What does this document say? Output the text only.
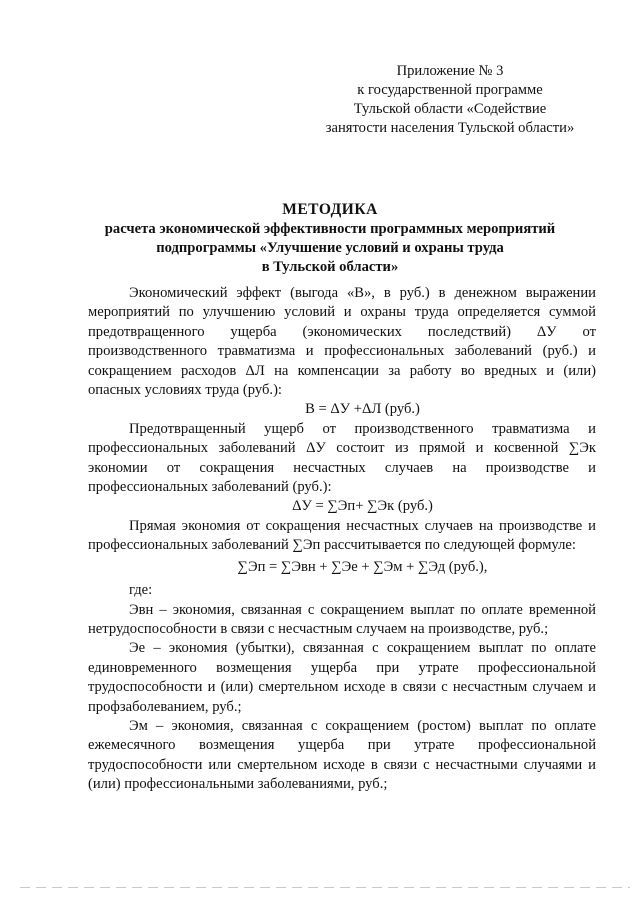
Приложение № 3
к государственной программе
Тульской области «Содействие
занятости населения Тульской области»
МЕТОДИКА
расчета экономической эффективности программных мероприятий
подпрограммы «Улучшение условий и охраны труда
в Тульской области»

Экономический эффект (выгода «В», в руб.) в денежном выражении мероприятий по улучшению условий и охраны труда определяется суммой предотвращенного ущерба (экономических последствий) ΔУ от производственного травматизма и профессиональных заболеваний (руб.) и сокращением расходов ΔЛ на компенсации за работу во вредных и (или) опасных условиях труда (руб.):

В = ΔУ +ΔЛ (руб.)

Предотвращенный ущерб от производственного травматизма и профессиональных заболеваний ΔУ состоит из прямой и косвенной ∑Эк экономии от сокращения несчастных случаев на производстве и профессиональных заболеваний (руб.):

ΔУ = ∑Эп+ ∑Эк (руб.)

Прямая экономия от сокращения несчастных случаев на производстве и профессиональных заболеваний ∑Эп рассчитывается по следующей формуле:

∑Эп = ∑Эвн + ∑Эе + ∑Эм + ∑Эд (руб.),

где:

Эвн – экономия, связанная с сокращением выплат по оплате временной нетрудоспособности в связи с несчастным случаем на производстве, руб.;

Эе – экономия (убытки), связанная с сокращением выплат по оплате единовременного возмещения ущерба при утрате профессиональной трудоспособности и (или) смертельном исходе в связи с несчастным случаем и профзаболеванием, руб.;

Эм – экономия, связанная с сокращением (ростом) выплат по оплате ежемесячного возмещения ущерба при утрате профессиональной трудоспособности или смертельном исходе в связи с несчастными случаями и (или) профессиональными заболеваниями, руб.;
